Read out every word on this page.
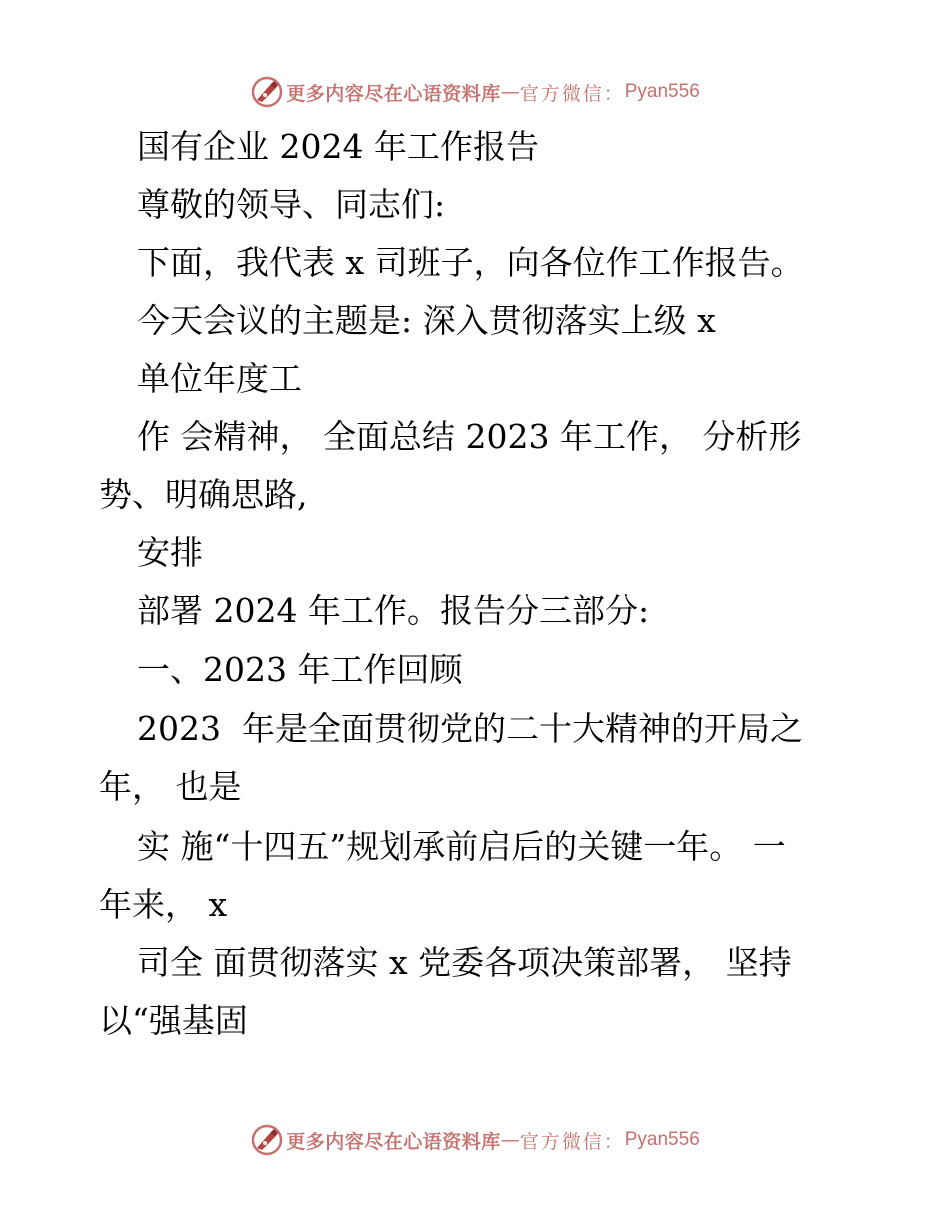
更多内容尽在心语资料库 — 官方微信： Pyan556
国有企业 2024 年工作报告
尊敬的领导、同志们:
下面，我代表 x 司班子，向各位作工作报告。
今天会议的主题是: 深入贯彻落实上级 x
单位年度工
作 会精神， 全面总结 2023 年工作， 分析形
势、明确思路,
安排
部署 2024 年工作。报告分三部分:
一、2023 年工作回顾
2023  年是全面贯彻党的二十大精神的开局之
年， 也是
实 施“十四五”规划承前启后的关键一年。 一
年来， x
司全 面贯彻落实 x 党委各项决策部署， 坚持
以“强基固
更多内容尽在心语资料库 — 官方微信： Pyan556
